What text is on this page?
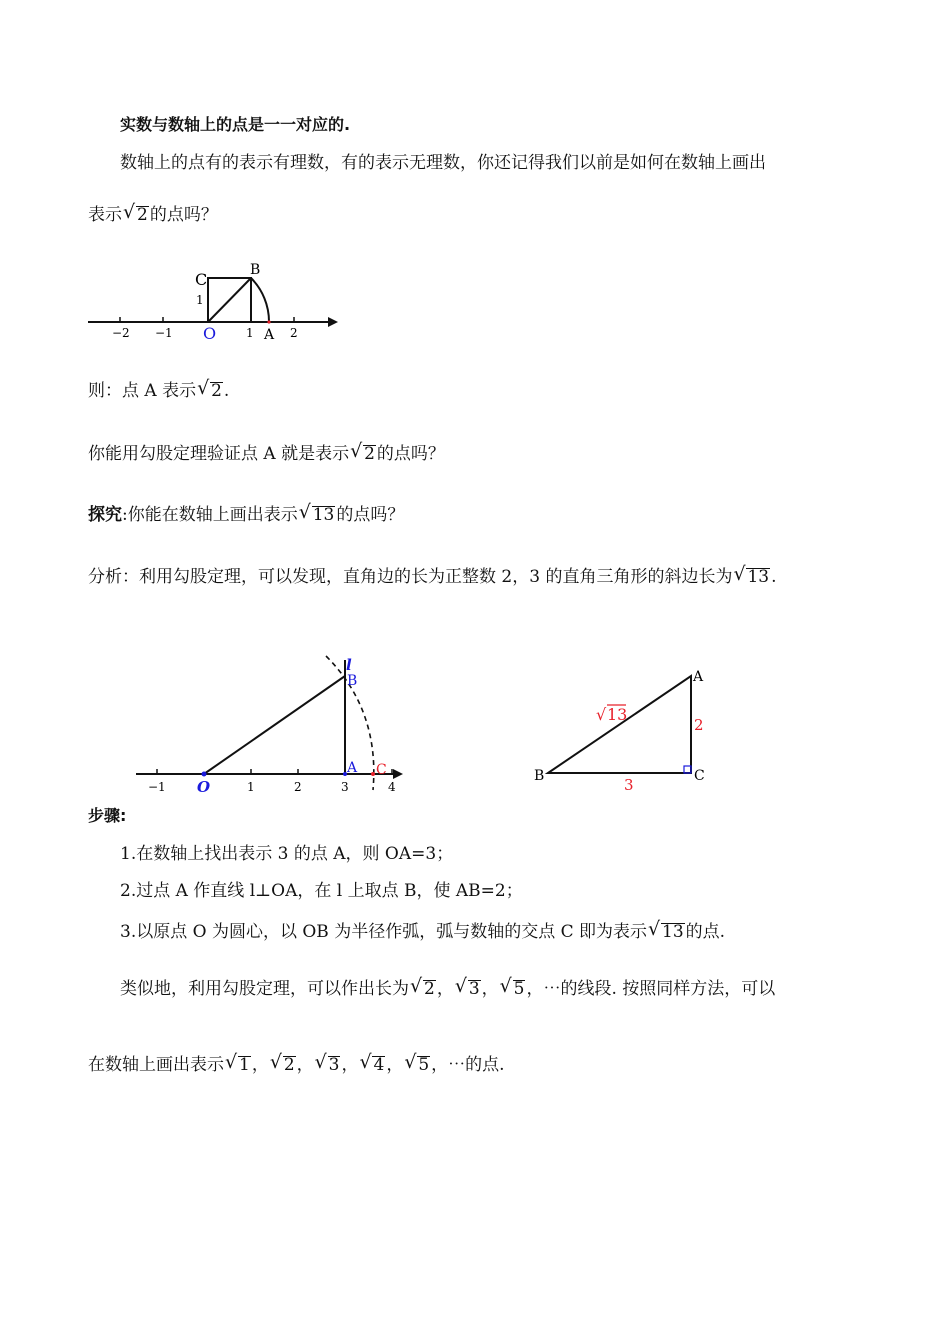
实数与数轴上的点是一一对应的.
数轴上的点有的表示有理数，有的表示无理数，你还记得我们以前是如何在数轴上画出
表示 √ 2 的点吗？
−2 −1 O 1 A 2
C	B
1
则：点 A 表示 √ 2 .
你能用勾股定理验证点 A 就是表示 √ 2 的点吗？
探究:你能在数轴上画出表示 √ 13 的点吗？
分析：利用勾股定理，可以发现，直角边的长为正整数 2，3 的直角三角形的斜边长为 √ 13 .
−1 O	1	2	3	4
l
B
A C
A
B	C
√ 13
2
3
步骤:
1.在数轴上找出表示 3 的点 A，则 OA=3；
2.过点 A 作直线 l⊥OA，在 l 上取点 B，使 AB=2；
3.以原点 O 为圆心，以 OB 为半径作弧，弧与数轴的交点 C 即为表示 √ 13 的点.
类似地，利用勾股定理，可以作出长为 √ 2 ， √ 3 ， √ 5 ，⋯的线段. 按照同样方法，可以
在数轴上画出表示 √ 1 ， √ 2 ， √ 3 ， √ 4 ， √ 5 ，⋯的点.
